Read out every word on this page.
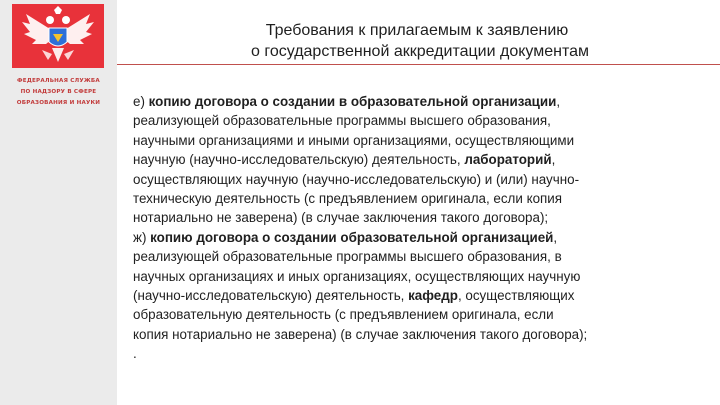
ФЕДЕРАЛЬНАЯ СЛУЖБА
ПО НАДЗОРУ В СФЕРЕ
ОБРАЗОВАНИЯ И НАУКИ
Требования к прилагаемым к заявлению
о государственной аккредитации документам
е) копию договора о создании в образовательной организации,
реализующей образовательные программы высшего образования,
научными организациями и иными организациями, осуществляющими
научную (научно-исследовательскую) деятельность, лабораторий,
осуществляющих научную (научно-исследовательскую) и (или) научно-
техническую деятельность (с предъявлением оригинала, если копия
нотариально не заверена) (в случае заключения такого договора);
ж) копию договора о создании образовательной организацией,
реализующей образовательные программы высшего образования, в
научных организациях и иных организациях, осуществляющих научную
(научно-исследовательскую) деятельность, кафедр, осуществляющих
образовательную деятельность (с предъявлением оригинала, если
копия нотариально не заверена) (в случае заключения такого договора);
.
